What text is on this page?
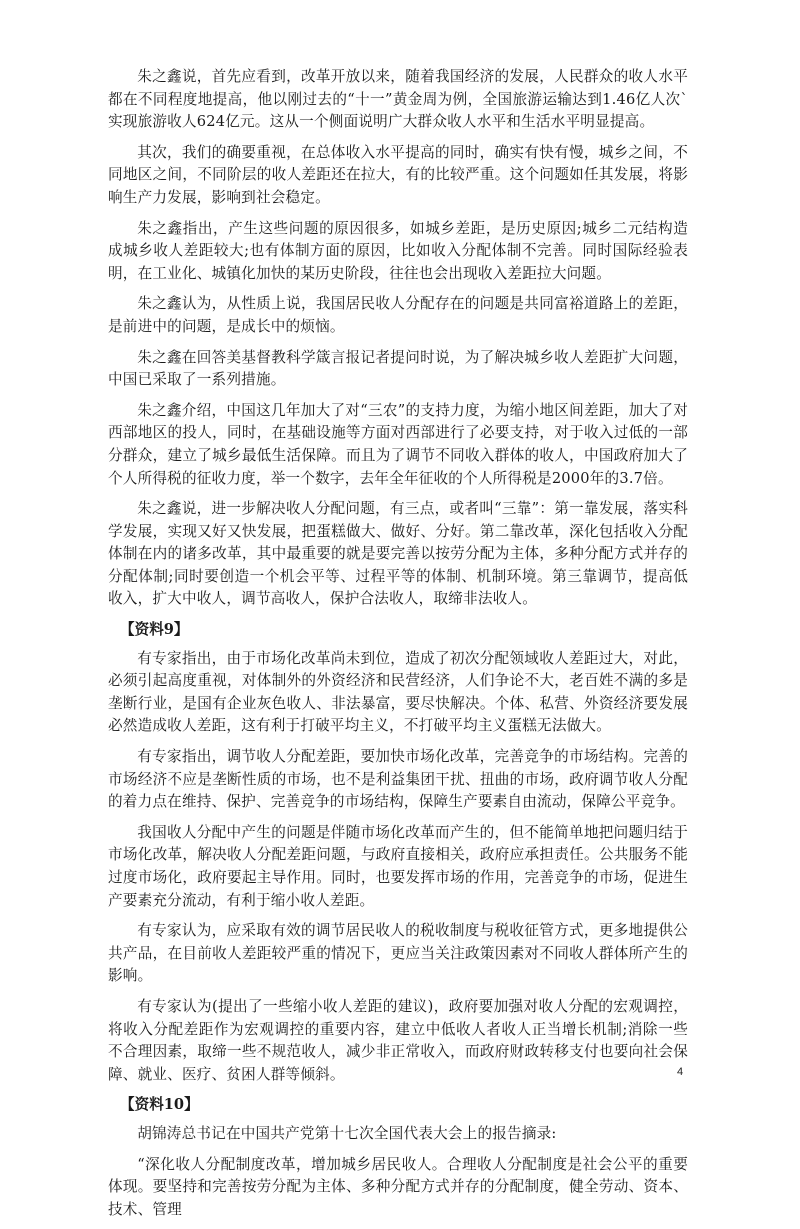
朱之鑫说，首先应看到，改革开放以来，随着我国经济的发展，人民群众的收人水平都在不同程度地提高，他以刚过去的“十一”黄金周为例，全国旅游运输达到1.46亿人次`实现旅游收人624亿元。这从一个侧面说明广大群众收人水平和生活水平明显提高。

其次，我们的确要重视，在总体收入水平提高的同时，确实有快有慢，城乡之间，不同地区之间，不同阶层的收人差距还在拉大，有的比较严重。这个问题如任其发展，将影响生产力发展，影响到社会稳定。

朱之鑫指出，产生这些问题的原因很多，如城乡差距，是历史原因;城乡二元结构造成城乡收人差距较大;也有体制方面的原因，比如收入分配体制不完善。同时国际经验表明，在工业化、城镇化加快的某历史阶段，往往也会出现收入差距拉大问题。

朱之鑫认为，从性质上说，我国居民收人分配存在的问题是共同富裕道路上的差距，是前进中的问题，是成长中的烦恼。

朱之鑫在回答美基督教科学箴言报记者提问时说，为了解决城乡收人差距扩大问题，中国已采取了一系列措施。

朱之鑫介绍，中国这几年加大了对“三农”的支持力度，为缩小地区间差距，加大了对西部地区的投人，同时，在基础设施等方面对西部进行了必要支持，对于收入过低的一部分群众，建立了城乡最低生活保障。而且为了调节不同收入群体的收人，中国政府加大了个人所得税的征收力度，举一个数字，去年全年征收的个人所得税是2000年的3.7倍。

朱之鑫说，进一步解决收人分配问题，有三点，或者叫“三靠”：第一靠发展，落实科学发展，实现又好又快发展，把蛋糕做大、做好、分好。第二靠改革，深化包括收入分配体制在内的诸多改革，其中最重要的就是要完善以按劳分配为主体，多种分配方式并存的分配体制;同时要创造一个机会平等、过程平等的体制、机制环境。第三靠调节，提高低收入，扩大中收人，调节高收人，保护合法收人，取缔非法收人。

【资料9】

有专家指出，由于市场化改革尚未到位，造成了初次分配领域收人差距过大，对此，必须引起高度重视，对体制外的外资经济和民营经济，人们争论不大，老百姓不满的多是垄断行业，是国有企业灰色收人、非法暴富，要尽快解决。个体、私营、外资经济要发展必然造成收人差距，这有利于打破平均主义，不打破平均主义蛋糕无法做大。

有专家指出，调节收人分配差距，要加快市场化改革，完善竞争的市场结构。完善的市场经济不应是垄断性质的市场，也不是利益集团干扰、扭曲的市场，政府调节收人分配的着力点在维持、保护、完善竞争的市场结构，保障生产要素自由流动，保障公平竞争。

我国收人分配中产生的问题是伴随市场化改革而产生的，但不能简单地把问题归结于市场化改革，解决收人分配差距问题，与政府直接相关，政府应承担责任。公共服务不能过度市场化，政府要起主导作用。同时，也要发挥市场的作用，完善竞争的市场，促进生产要素充分流动，有利于缩小收人差距。

有专家认为，应采取有效的调节居民收人的税收制度与税收征管方式，更多地提供公共产品，在目前收人差距较严重的情况下，更应当关注政策因素对不同收人群体所产生的影响。

有专家认为(提出了一些缩小收人差距的建议)，政府要加强对收人分配的宏观调控，将收入分配差距作为宏观调控的重要内容，建立中低收人者收人正当增长机制;消除一些不合理因素，取缔一些不规范收人，减少非正常收入，而政府财政转移支付也要向社会保障、就业、医疗、贫困人群等倾斜。

【资料10】

胡锦涛总书记在中国共产党第十七次全国代表大会上的报告摘录:

“深化收人分配制度改革，增加城乡居民收人。合理收人分配制度是社会公平的重要体现。要坚持和完善按劳分配为主体、多种分配方式并存的分配制度，健全劳动、资本、技术、管理

4
